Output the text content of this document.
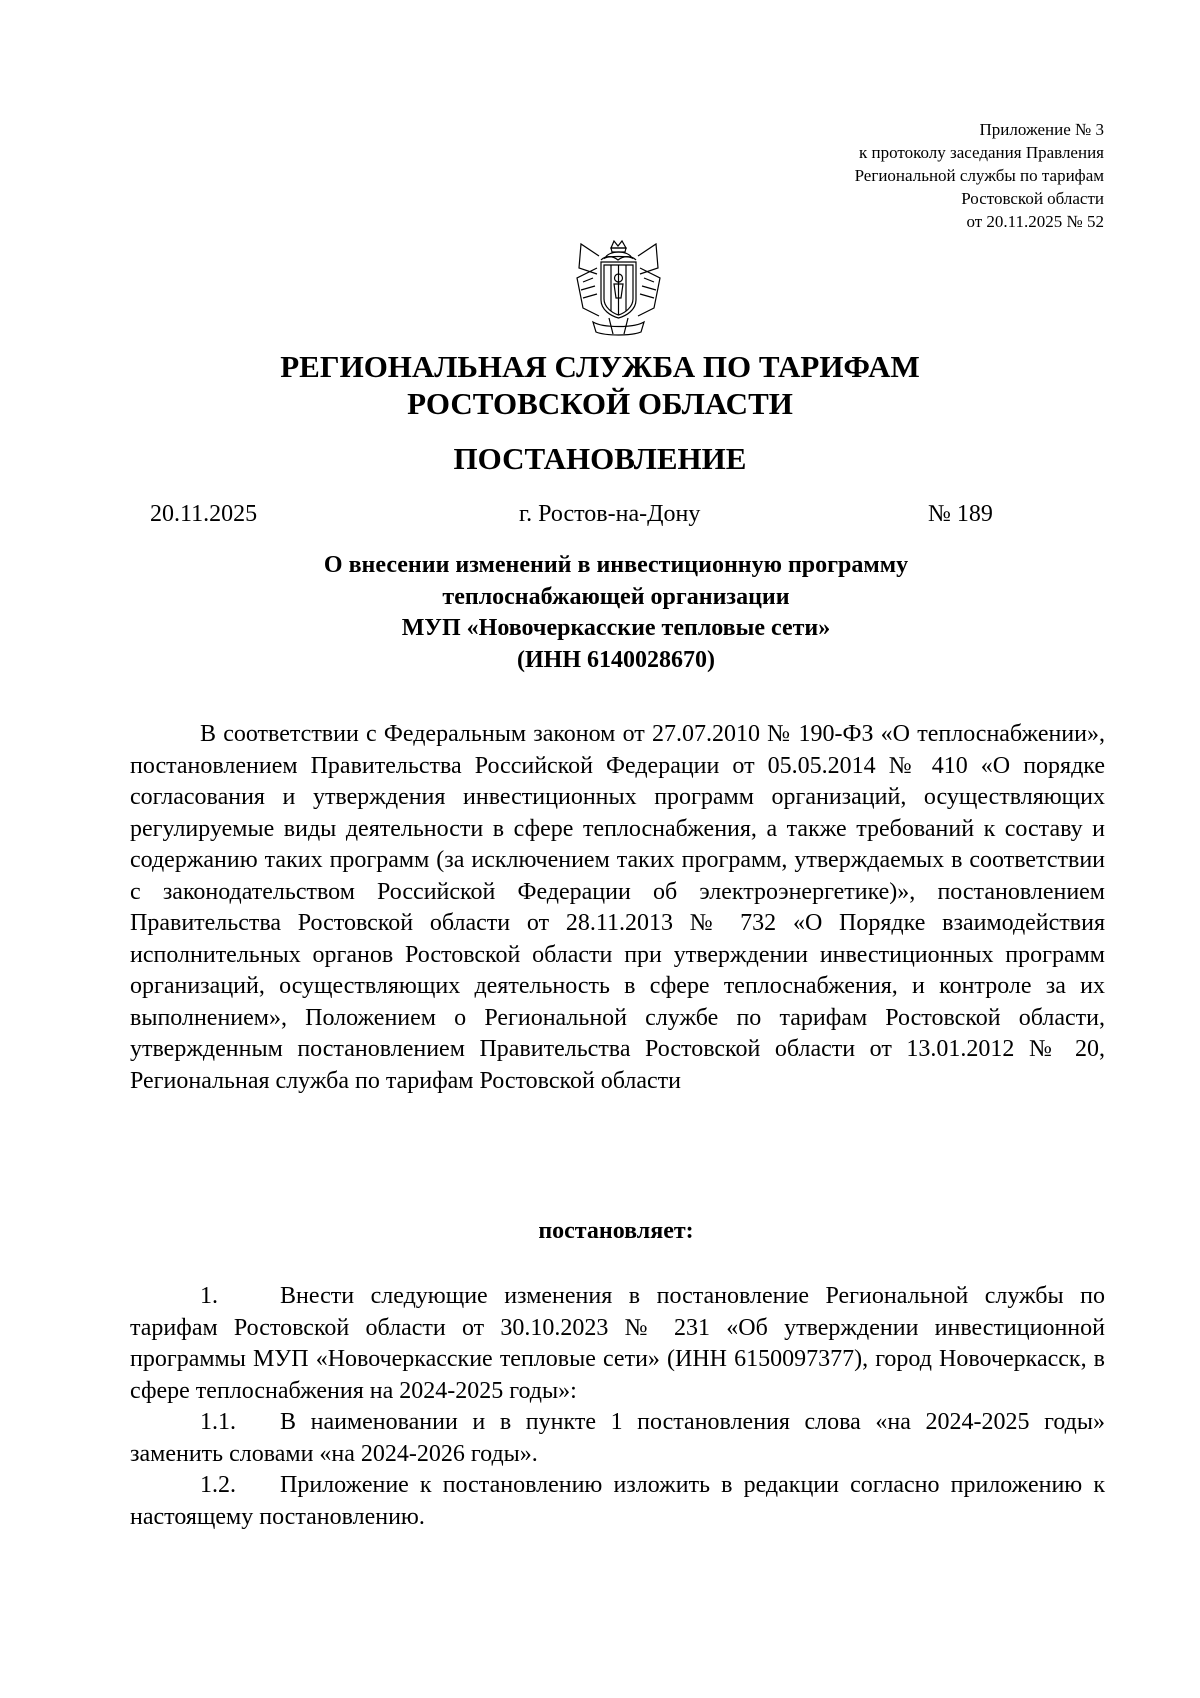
Приложение № 3
к протоколу заседания Правления
Региональной службы по тарифам
Ростовской области
от 20.11.2025 № 52
РЕГИОНАЛЬНАЯ СЛУЖБА ПО ТАРИФАМ
РОСТОВСКОЙ ОБЛАСТИ
ПОСТАНОВЛЕНИЕ
20.11.2025	г. Ростов-на-Дону	№ 189
О внесении изменений в инвестиционную программу
теплоснабжающей организации
МУП «Новочеркасские тепловые сети»
(ИНН 6140028670)
В соответствии с Федеральным законом от 27.07.2010 № 190-ФЗ «О теплоснабжении», постановлением Правительства Российской Федерации от 05.05.2014 № 410 «О порядке согласования и утверждения инвестиционных программ организаций, осуществляющих регулируемые виды деятельности в сфере теплоснабжения, а также требований к составу и содержанию таких программ (за исключением таких программ, утверждаемых в соответствии с законодательством Российской Федерации об электроэнергетике)», постановлением Правительства Ростовской области от 28.11.2013 № 732 «О Порядке взаимодействия исполнительных органов Ростовской области при утверждении инвестиционных программ организаций, осуществляющих деятельность в сфере теплоснабжения, и контроле за их выполнением», Положением о Региональной службе по тарифам Ростовской области, утвержденным постановлением Правительства Ростовской области от 13.01.2012 № 20, Региональная служба по тарифам Ростовской области
постановляет:
1.	Внести следующие изменения в постановление Региональной службы по тарифам Ростовской области от 30.10.2023 № 231 «Об утверждении инвестиционной программы МУП «Новочеркасские тепловые сети» (ИНН 6150097377), город Новочеркасск, в сфере теплоснабжения на 2024-2025 годы»:
1.1. В наименовании и в пункте 1 постановления слова «на 2024-2025 годы» заменить словами «на 2024-2026 годы».
1.2. Приложение к постановлению изложить в редакции согласно приложению к настоящему постановлению.
